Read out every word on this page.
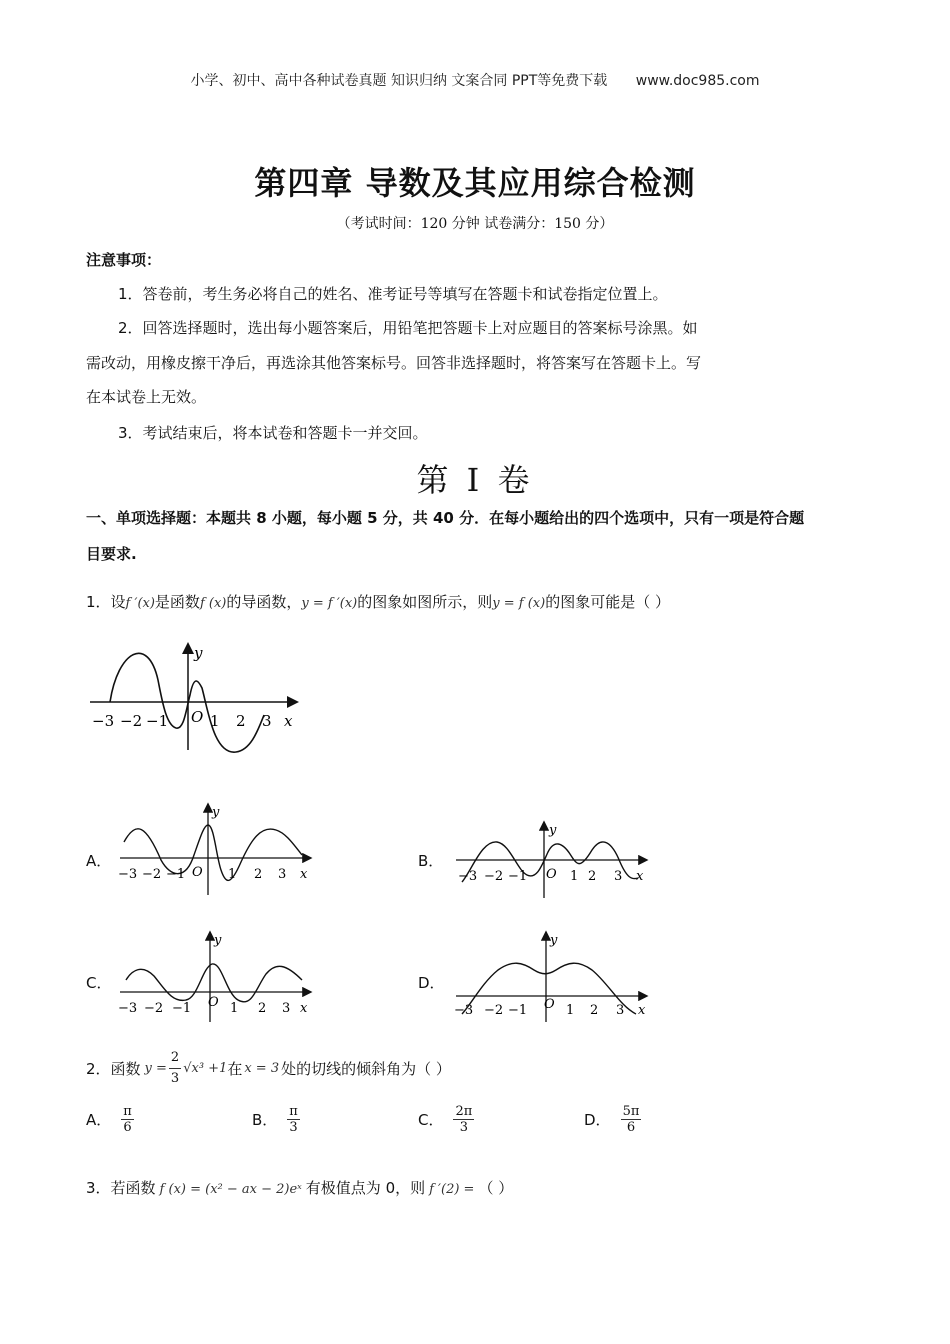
小学、初中、高中各种试卷真题 知识归纳 文案合同 PPT等免费下载 www.doc985.com
第四章 导数及其应用综合检测
（考试时间：120 分钟 试卷满分：150 分）
注意事项：
1．答卷前，考生务必将自己的姓名、准考证号等填写在答题卡和试卷指定位置上。
2．回答选择题时，选出每小题答案后，用铅笔把答题卡上对应题目的答案标号涂黑。如
需改动，用橡皮擦干净后，再选涂其他答案标号。回答非选择题时，将答案写在答题卡上。写
在本试卷上无效。
3．考试结束后，将本试卷和答题卡一并交回。
第 I 卷
一、单项选择题：本题共 8 小题，每小题 5 分，共 40 分．在每小题给出的四个选项中，只有一项是符合题
目要求.
1．设f ′(x)是函数f (x)的导函数，y = f ′(x)的图象如图所示，则y = f (x)的图象可能是（ ）
y
x
O
−3 −2 −1	1 2 3
A．
y
x
O
−3 −2 −1	1 2 3
B．
y
x
O
−3 −2 −1	1 2 3
C．
y
x
O
−3 −2 −1	1 2 3
D．
y
x
O
−3 −2 −1	1 2 3
2．函数 $y = \frac{2}{3} √x^3 +1$ 在 x = 3 处的切线的倾斜角为（ ）
A． $\frac{\pi}{6}$	B． $\frac{\pi}{3}$	C． $\frac{2\pi}{3}$	D． $\frac{5\pi}{6}$
3．若函数 f (x) = (x² − ax − 2)eˣ 有极值点为 0，则 f ′(2) = （ ）
